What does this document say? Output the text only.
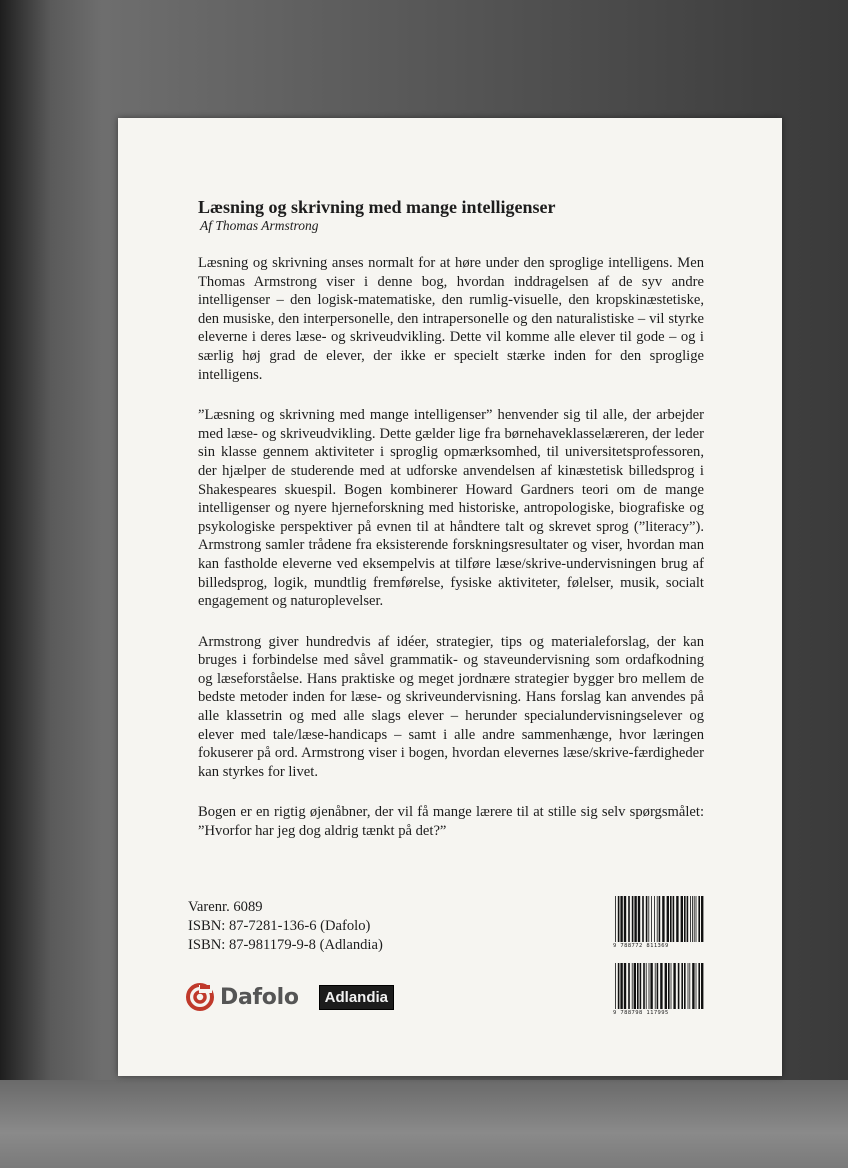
Læsning og skrivning med mange intelligenser

Af Thomas Armstrong

Læsning og skrivning anses normalt for at høre under den sproglige intelligens. Men Thomas Armstrong viser i denne bog, hvordan inddragelsen af de syv andre intelligenser – den logisk-matematiske, den rumlig-visuelle, den kropskinæstetiske, den musiske, den interpersonelle, den intrapersonelle og den naturalistiske – vil styrke eleverne i deres læse- og skriveudvikling. Dette vil komme alle elever til gode – og i særlig høj grad de elever, der ikke er specielt stærke inden for den sproglige intelligens.

”Læsning og skrivning med mange intelligenser” henvender sig til alle, der arbejder med læse- og skriveudvikling. Dette gælder lige fra børnehaveklasselæreren, der leder sin klasse gennem aktiviteter i sproglig opmærksomhed, til universitetsprofessoren, der hjælper de studerende med at udforske anvendelsen af kinæstetisk billedsprog i Shakespeares skuespil. Bogen kombinerer Howard Gardners teori om de mange intelligenser og nyere hjerneforskning med historiske, antropologiske, biografiske og psykologiske perspektiver på evnen til at håndtere talt og skrevet sprog (”literacy”). Armstrong samler trådene fra eksisterende forskningsresultater og viser, hvordan man kan fastholde eleverne ved eksempelvis at tilføre læse/skrive-undervisningen brug af billedsprog, logik, mundtlig fremførelse, fysiske aktiviteter, følelser, musik, socialt engagement og naturoplevelser.

Armstrong giver hundredvis af idéer, strategier, tips og materialeforslag, der kan bruges i forbindelse med såvel grammatik- og staveundervisning som ordafkodning og læseforståelse. Hans praktiske og meget jordnære strategier bygger bro mellem de bedste metoder inden for læse- og skriveundervisning. Hans forslag kan anvendes på alle klassetrin og med alle slags elever – herunder specialundervisningselever og elever med tale/læse-handicaps – samt i alle andre sammenhænge, hvor læringen fokuserer på ord. Armstrong viser i bogen, hvordan elevernes læse/skrive-færdigheder kan styrkes for livet.

Bogen er en rigtig øjenåbner, der vil få mange lærere til at stille sig selv spørgsmålet: ”Hvorfor har jeg dog aldrig tænkt på det?”

Varenr. 6089
ISBN: 87-7281-136-6 (Dafolo)
ISBN: 87-981179-9-8 (Adlandia)
Dafolo	Adlandia
9 788772 811369
9 788798 117995
